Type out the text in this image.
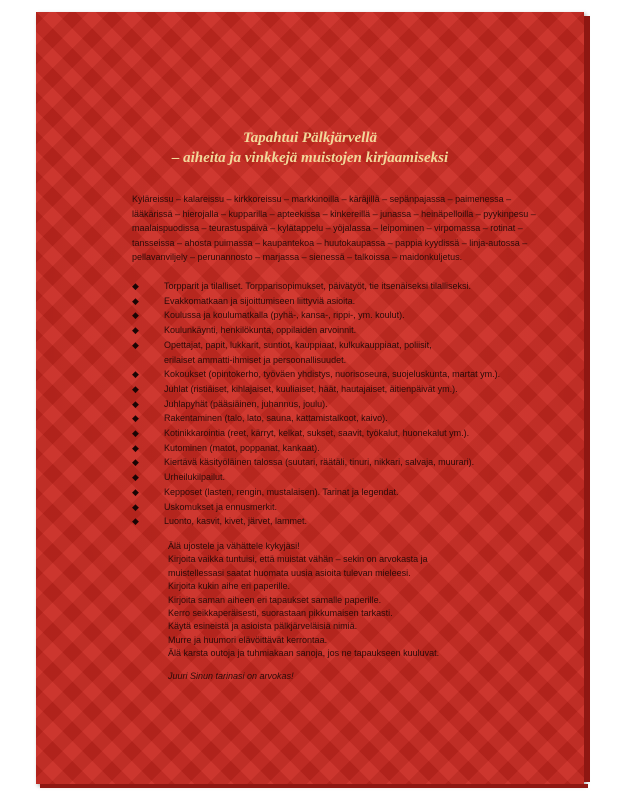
Tapahtui Pälkjärvellä
– aiheita ja vinkkejä muistojen kirjaamiseksi
Kyläreissu – kalareissu – kirkkoreissu – markkinoilla – käräjillä – sepänpajassa – paimenessa – lääkärissä – hierojalla – kupparilla – apteekissa – kinkereillä – junassa – heinäpelloilla – pyykinpesu – maalaispuodissa – teurastuspäivä – kylätappelu – yöjalassa – leipominen – virpomassa – rotinat – tansseissa – ahosta puimassa – kaupantekoa – huutokaupassa – pappia kyydissä – linja-autossa – pellavanviljely – perunannosto – marjassa – sienessä – talkoissa – maidonkuljetus.
◆	Torpparit ja tilalliset. Torpparisopimukset, päivätyöt, tie itsenäiseksi tilalliseksi.
◆	Evakkomatkaan ja sijoittumiseen liittyviä asioita.
◆	Koulussa ja koulumatkalla (pyhä-, kansa-, rippi-, ym. koulut).
◆	Koulunkäynti, henkilökunta, oppilaiden arvoinnit.
◆	Opettajat, papit, lukkarit, suntiot, kauppiaat, kulkukauppiaat, poliisit,
erilaiset ammatti-ihmiset ja persoonallisuudet.
◆	Kokoukset (opintokerho, työväen yhdistys, nuorisoseura, suojeluskunta, martat ym.).
◆	Juhlat (ristiäiset, kihlajaiset, kuuliaiset, häät, hautajaiset, äitienpäivät ym.).
◆	Juhlapyhät (pääsiäinen, juhannus, joulu).
◆	Rakentaminen (talo, lato, sauna, kattamistalkoot, kaivo).
◆	Kotinikkarointia (reet, kärryt, kelkat, sukset, saavit, työkalut, huonekalut ym.).
◆	Kutominen (matot, poppanat, kankaat).
◆	Kiertävä käsityöläinen talossa (suutari, räätäli, tinuri, nikkari, salvaja, muurari).
◆	Urheilukilpailut.
◆	Kepposet (lasten, rengin, mustalaisen). Tarinat ja legendat.
◆	Uskomukset ja ennusmerkit.
◆	Luonto, kasvit, kivet, järvet, lammet.
Älä ujostele ja vähättele kykyjäsi!
Kirjoita vaikka tuntuisi, että muistat vähän – sekin on arvokasta ja
muistellessasi saatat huomata uusia asioita tulevan mieleesi.
Kirjoita kukin aihe eri paperille.
Kirjoita saman aiheen eri tapaukset samalle paperille.
Kerro seikkaperäisesti, suorastaan pikkumaisen tarkasti.
Käytä esineistä ja asioista pälkjärveläisiä nimiä.
Murre ja huumori elävöittävät kerrontaa.
Älä karsta outoja ja tuhmiakaan sanoja, jos ne tapaukseen kuuluvat.
Juuri Sinun tarinasi on arvokas!
